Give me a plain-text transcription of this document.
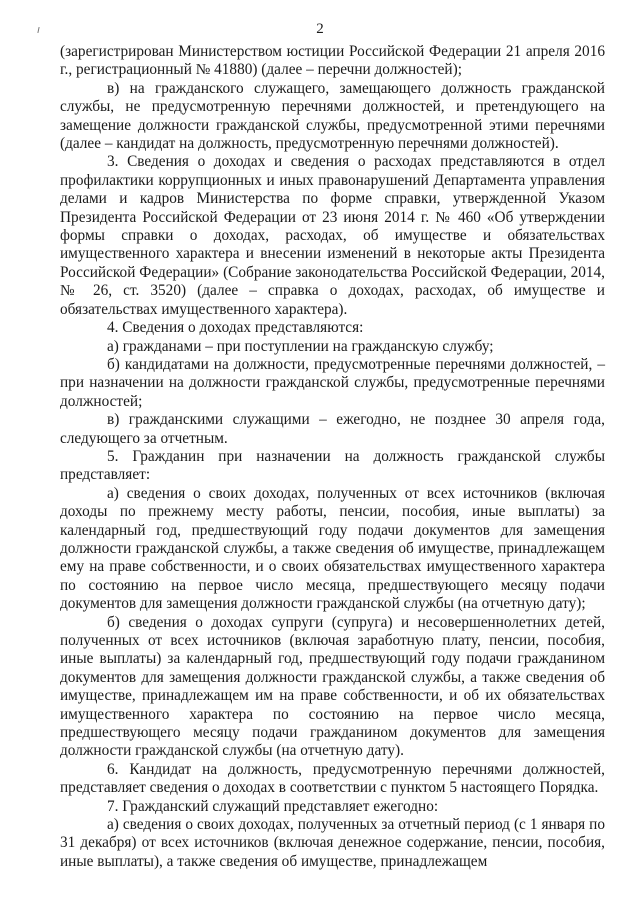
2

(зарегистрирован Министерством юстиции Российской Федерации 21 апреля 2016 г., регистрационный № 41880) (далее – перечни должностей);

в) на гражданского служащего, замещающего должность гражданской службы, не предусмотренную перечнями должностей, и претендующего на замещение должности гражданской службы, предусмотренной этими перечнями (далее – кандидат на должность, предусмотренную перечнями должностей).

3. Сведения о доходах и сведения о расходах представляются в отдел профилактики коррупционных и иных правонарушений Департамента управления делами и кадров Министерства по форме справки, утвержденной Указом Президента Российской Федерации от 23 июня 2014 г. № 460 «Об утверждении формы справки о доходах, расходах, об имуществе и обязательствах имущественного характера и внесении изменений в некоторые акты Президента Российской Федерации» (Собрание законодательства Российской Федерации, 2014, № 26, ст. 3520) (далее – справка о доходах, расходах, об имуществе и обязательствах имущественного характера).

4. Сведения о доходах представляются:

а) гражданами – при поступлении на гражданскую службу;

б) кандидатами на должности, предусмотренные перечнями должностей, – при назначении на должности гражданской службы, предусмотренные перечнями должностей;

в) гражданскими служащими – ежегодно, не позднее 30 апреля года, следующего за отчетным.

5. Гражданин при назначении на должность гражданской службы представляет:

а) сведения о своих доходах, полученных от всех источников (включая доходы по прежнему месту работы, пенсии, пособия, иные выплаты) за календарный год, предшествующий году подачи документов для замещения должности гражданской службы, а также сведения об имуществе, принадлежащем ему на праве собственности, и о своих обязательствах имущественного характера по состоянию на первое число месяца, предшествующего месяцу подачи документов для замещения должности гражданской службы (на отчетную дату);

б) сведения о доходах супруги (супруга) и несовершеннолетних детей, полученных от всех источников (включая заработную плату, пенсии, пособия, иные выплаты) за календарный год, предшествующий году подачи гражданином документов для замещения должности гражданской службы, а также сведения об имуществе, принадлежащем им на праве собственности, и об их обязательствах имущественного характера по состоянию на первое число месяца, предшествующего месяцу подачи гражданином документов для замещения должности гражданской службы (на отчетную дату).

6. Кандидат на должность, предусмотренную перечнями должностей, представляет сведения о доходах в соответствии с пунктом 5 настоящего Порядка.

7. Гражданский служащий представляет ежегодно:

а) сведения о своих доходах, полученных за отчетный период (с 1 января по 31 декабря) от всех источников (включая денежное содержание, пенсии, пособия, иные выплаты), а также сведения об имуществе, принадлежащем
